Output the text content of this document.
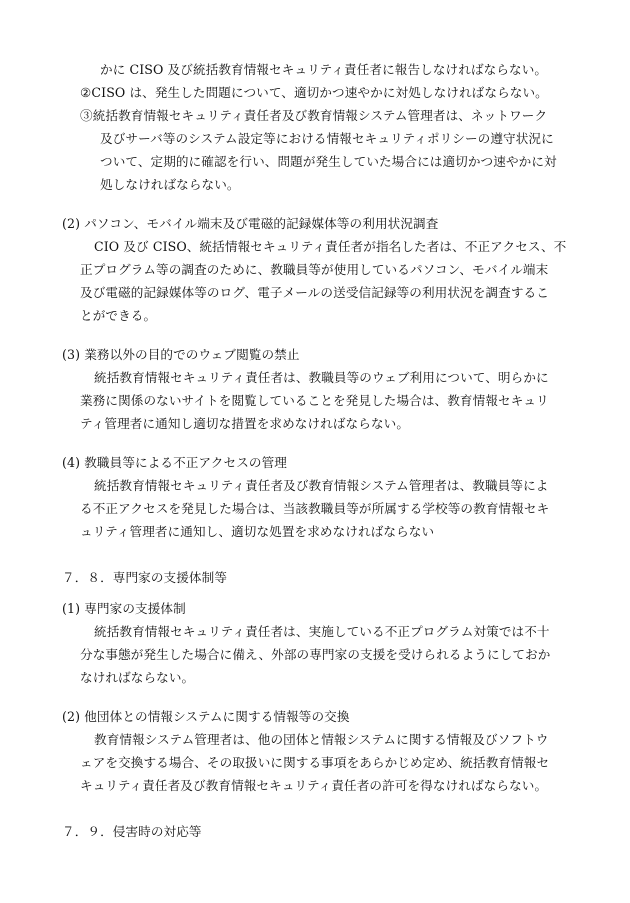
かに CISO 及び統括教育情報セキュリティ責任者に報告しなければならない。
②CISO は、発生した問題について、適切かつ速やかに対処しなければならない。
③統括教育情報セキュリティ責任者及び教育情報システム管理者は、ネットワーク
及びサーバ等のシステム設定等における情報セキュリティポリシーの遵守状況に
ついて、定期的に確認を行い、問題が発生していた場合には適切かつ速やかに対
処しなければならない。
(2) パソコン、モバイル端末及び電磁的記録媒体等の利用状況調査
CIO 及び CISO、統括情報セキュリティ責任者が指名した者は、不正アクセス、不
正プログラム等の調査のために、教職員等が使用しているパソコン、モバイル端末
及び電磁的記録媒体等のログ、電子メールの送受信記録等の利用状況を調査するこ
とができる。
(3) 業務以外の目的でのウェブ閲覧の禁止
統括教育情報セキュリティ責任者は、教職員等のウェブ利用について、明らかに
業務に関係のないサイトを閲覧していることを発見した場合は、教育情報セキュリ
ティ管理者に通知し適切な措置を求めなければならない。
(4) 教職員等による不正アクセスの管理
統括教育情報セキュリティ責任者及び教育情報システム管理者は、教職員等によ
る不正アクセスを発見した場合は、当該教職員等が所属する学校等の教育情報セキ
ュリティ管理者に通知し、適切な処置を求めなければならない
７．８．専門家の支援体制等
(1) 専門家の支援体制
統括教育情報セキュリティ責任者は、実施している不正プログラム対策では不十
分な事態が発生した場合に備え、外部の専門家の支援を受けられるようにしておか
なければならない。
(2) 他団体との情報システムに関する情報等の交換
教育情報システム管理者は、他の団体と情報システムに関する情報及びソフトウ
ェアを交換する場合、その取扱いに関する事項をあらかじめ定め、統括教育情報セ
キュリティ責任者及び教育情報セキュリティ責任者の許可を得なければならない。
７．９．侵害時の対応等
